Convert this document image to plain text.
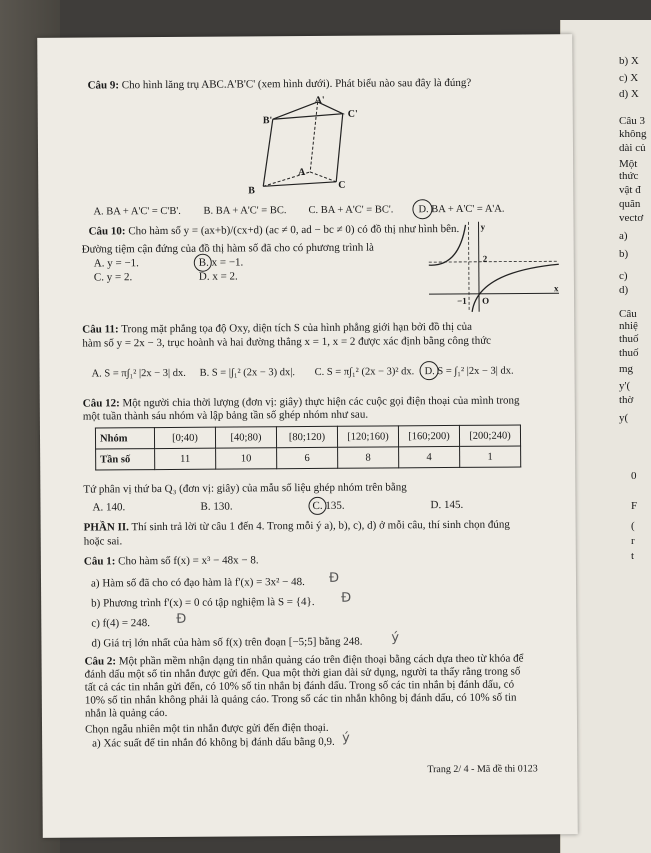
b) X
c) X
d) X
Câu 3
không
dài củ
Một
thức
vật đ
quãn
vectơ
a)
b)
c)
d)
Câu
nhiệ
thuố
thuố
mg
y'(
thờ
y(
0
F
(
r
t
Câu 9: Cho hình lăng trụ ABC.A'B'C' (xem hình dưới). Phát biểu nào sau đây là đúng?
A'
B'
C'
A
B
C
A. BA + A'C' = C'B'. B. BA + A'C' = BC. C. BA + A'C' = BC'. D. BA + A'C' = A'A.
Câu 10: Cho hàm số y = (ax+b)/(cx+d) (ac ≠ 0, ad − bc ≠ 0) có đồ thị như hình bên.
Đường tiệm cận đứng của đồ thị hàm số đã cho có phương trình là
A. y = −1.	B. x = −1.
C. y = 2.	D. x = 2.
y
2
−1 O
x
Câu 11: Trong mặt phẳng tọa độ Oxy, diện tích S của hình phẳng giới hạn bởi đồ thị của
hàm số y = 2x − 3, trục hoành và hai đường thẳng x = 1, x = 2 được xác định bằng công thức
A. S = π∫₁² |2x − 3| dx. B. S = |∫₁² (2x − 3) dx|. C. S = π∫₁² (2x − 3)² dx. D. S = ∫₁² |2x − 3| dx.
Câu 12: Một người chia thời lượng (đơn vị: giây) thực hiện các cuộc gọi điện thoại của mình trong
một tuần thành sáu nhóm và lập bảng tần số ghép nhóm như sau.
Nhóm	[0;40)	[40;80)	[80;120)	[120;160)	[160;200)	[200;240)
Tần số	11	10	6	8	4	1
Tứ phân vị thứ ba Q₃ (đơn vị: giây) của mẫu số liệu ghép nhóm trên bằng
A. 140.	B. 130.	C. 135.	D. 145.
PHẦN II. Thí sinh trả lời từ câu 1 đến 4. Trong mỗi ý a), b), c), d) ở mỗi câu, thí sinh chọn đúng
hoặc sai.
Câu 1: Cho hàm số f(x) = x³ − 48x − 8.
a) Hàm số đã cho có đạo hàm là f'(x) = 3x² − 48. Đ
b) Phương trình f'(x) = 0 có tập nghiệm là S = {4}. Đ
c) f(4) = 248. Đ
d) Giá trị lớn nhất của hàm số f(x) trên đoạn [−5;5] bằng 248. ý
Câu 2: Một phần mềm nhận dạng tin nhắn quảng cáo trên điện thoại bằng cách dựa theo từ khóa để
đánh dấu một số tin nhắn được gửi đến. Qua một thời gian dài sử dụng, người ta thấy rằng trong số
tất cả các tin nhắn gửi đến, có 10% số tin nhắn bị đánh dấu. Trong số các tin nhắn bị đánh dấu, có
10% số tin nhắn không phải là quảng cáo. Trong số các tin nhắn không bị đánh dấu, có 10% số tin
nhắn là quảng cáo.
Chọn ngẫu nhiên một tin nhắn được gửi đến điện thoại.
a) Xác suất để tin nhắn đó không bị đánh dấu bằng 0,9. ý
Trang 2/ 4 - Mã đề thi 0123
